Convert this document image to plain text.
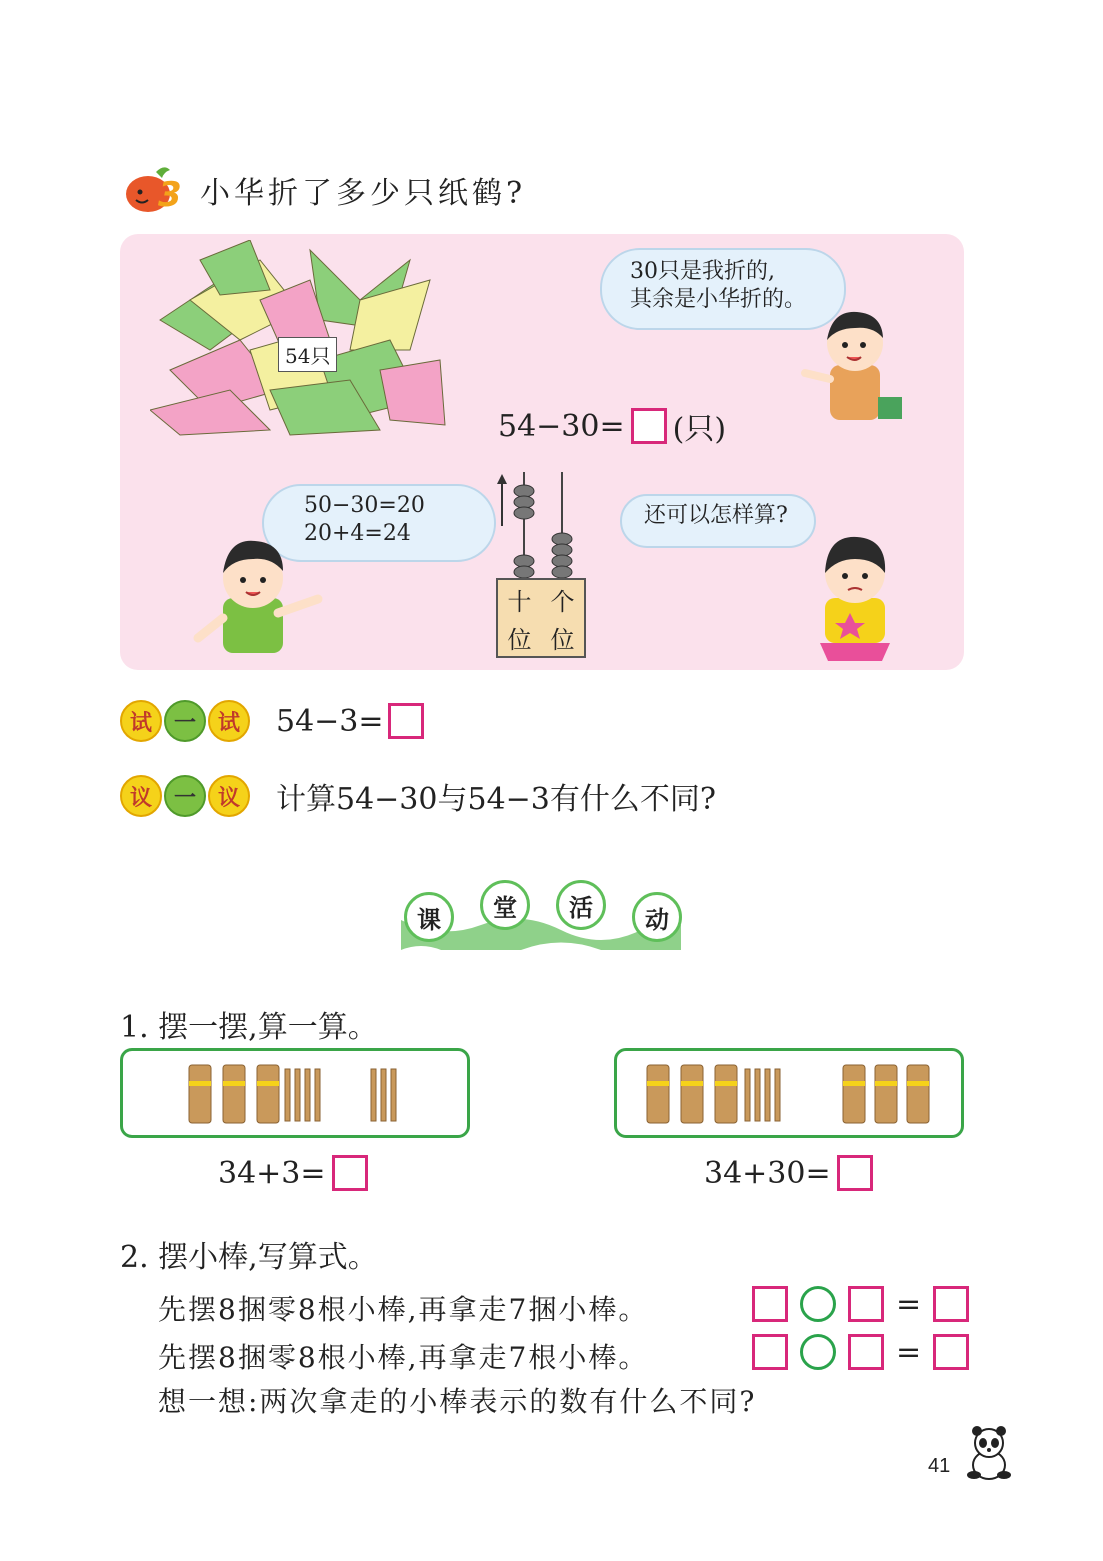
3 小华折了多少只纸鹤?
54只
30只是我折的,
其余是小华折的。
54−30= (只)
50−30=20
20+4=24
十 个
位 位
还可以怎样算?
试 一 试	54−3=
议 一 议	计算54−30与54−3有什么不同?
课	堂	活	动
1. 摆一摆,算一算。
34+3=	34+30=
2. 摆小棒,写算式。
先摆8捆零8根小棒,再拿走7捆小棒。	=
先摆8捆零8根小棒,再拿走7根小棒。	=
想一想:两次拿走的小棒表示的数有什么不同?
41
